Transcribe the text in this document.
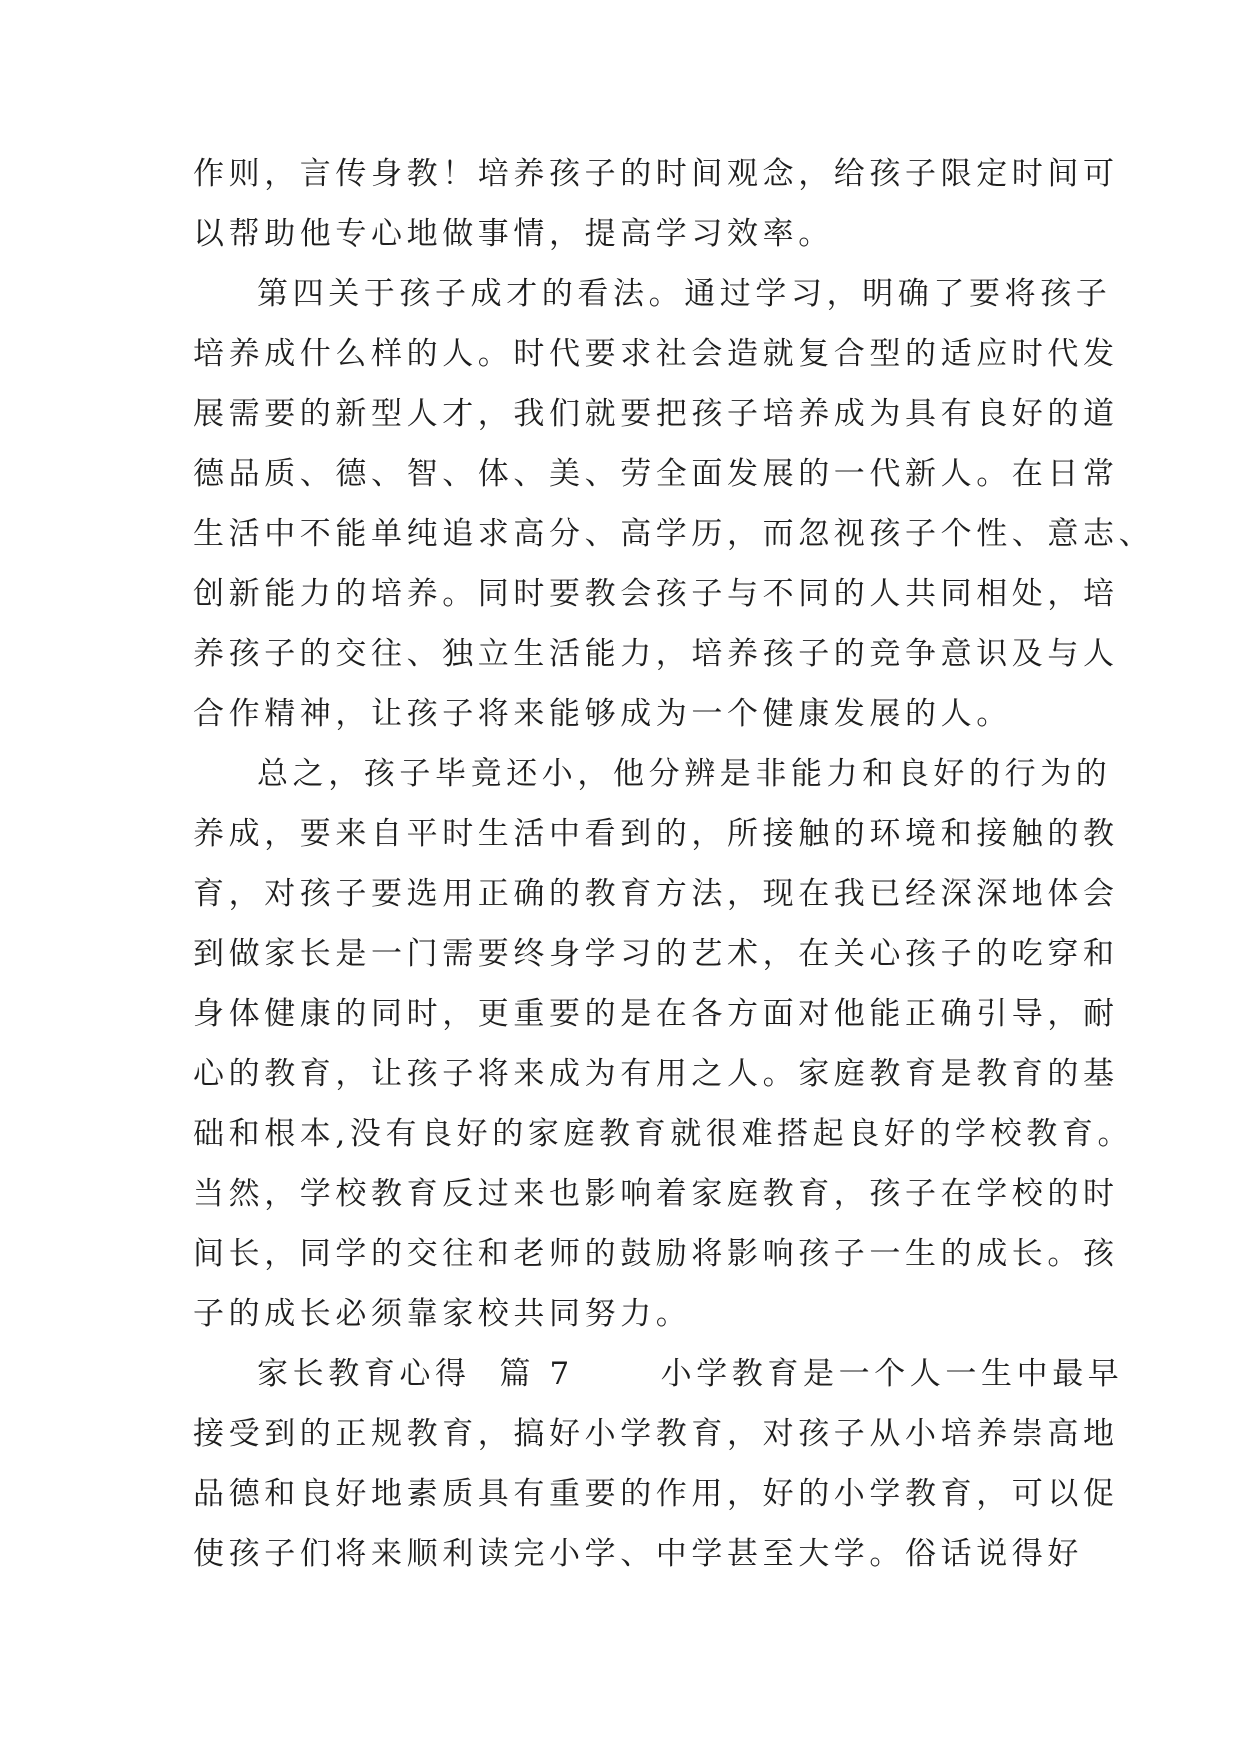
作则，言传身教！培养孩子的时间观念，给孩子限定时间可
以帮助他专心地做事情，提高学习效率。
第四关于孩子成才的看法。通过学习，明确了要将孩子
培养成什么样的人。时代要求社会造就复合型的适应时代发
展需要的新型人才，我们就要把孩子培养成为具有良好的道
德品质、德、智、体、美、劳全面发展的一代新人。在日常
生活中不能单纯追求高分、高学历，而忽视孩子个性、意志、
创新能力的培养。同时要教会孩子与不同的人共同相处，培
养孩子的交往、独立生活能力，培养孩子的竞争意识及与人
合作精神，让孩子将来能够成为一个健康发展的人。
总之，孩子毕竟还小，他分辨是非能力和良好的行为的
养成，要来自平时生活中看到的，所接触的环境和接触的教
育，对孩子要选用正确的教育方法，现在我已经深深地体会
到做家长是一门需要终身学习的艺术，在关心孩子的吃穿和
身体健康的同时，更重要的是在各方面对他能正确引导，耐
心的教育，让孩子将来成为有用之人。家庭教育是教育的基
础和根本,没有良好的家庭教育就很难搭起良好的学校教育。
当然，学校教育反过来也影响着家庭教育，孩子在学校的时
间长，同学的交往和老师的鼓励将影响孩子一生的成长。孩
子的成长必须靠家校共同努力。
家长教育心得  篇 7      小学教育是一个人一生中最早
接受到的正规教育，搞好小学教育，对孩子从小培养崇高地
品德和良好地素质具有重要的作用，好的小学教育，可以促
使孩子们将来顺利读完小学、中学甚至大学。俗话说得好
